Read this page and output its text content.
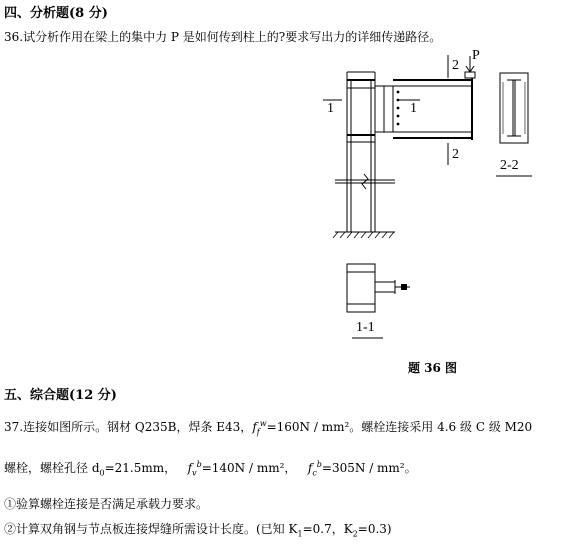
四、分析题(8 分)
36.试分析作用在梁上的集中力 P 是如何传到柱上的?要求写出力的详细传递路径。
2
P
1	1
2
2-2
1-1
题 36 图
五、综合题(12 分)
37.连接如图所示。钢材 Q235B，焊条 E43，$f_f^w=160N / mm^2$。螺栓连接采用 4.6 级 C 级 M20
螺栓，螺栓孔径 $d_0=21.5mm$，   $f_v^b=140N / mm^2$，   $f_c^b=305N / mm^2$。
①验算螺栓连接是否满足承载力要求。
②计算双角钢与节点板连接焊缝所需设计长度。(已知 $K_1=0.7$，$K_2=0.3$)
